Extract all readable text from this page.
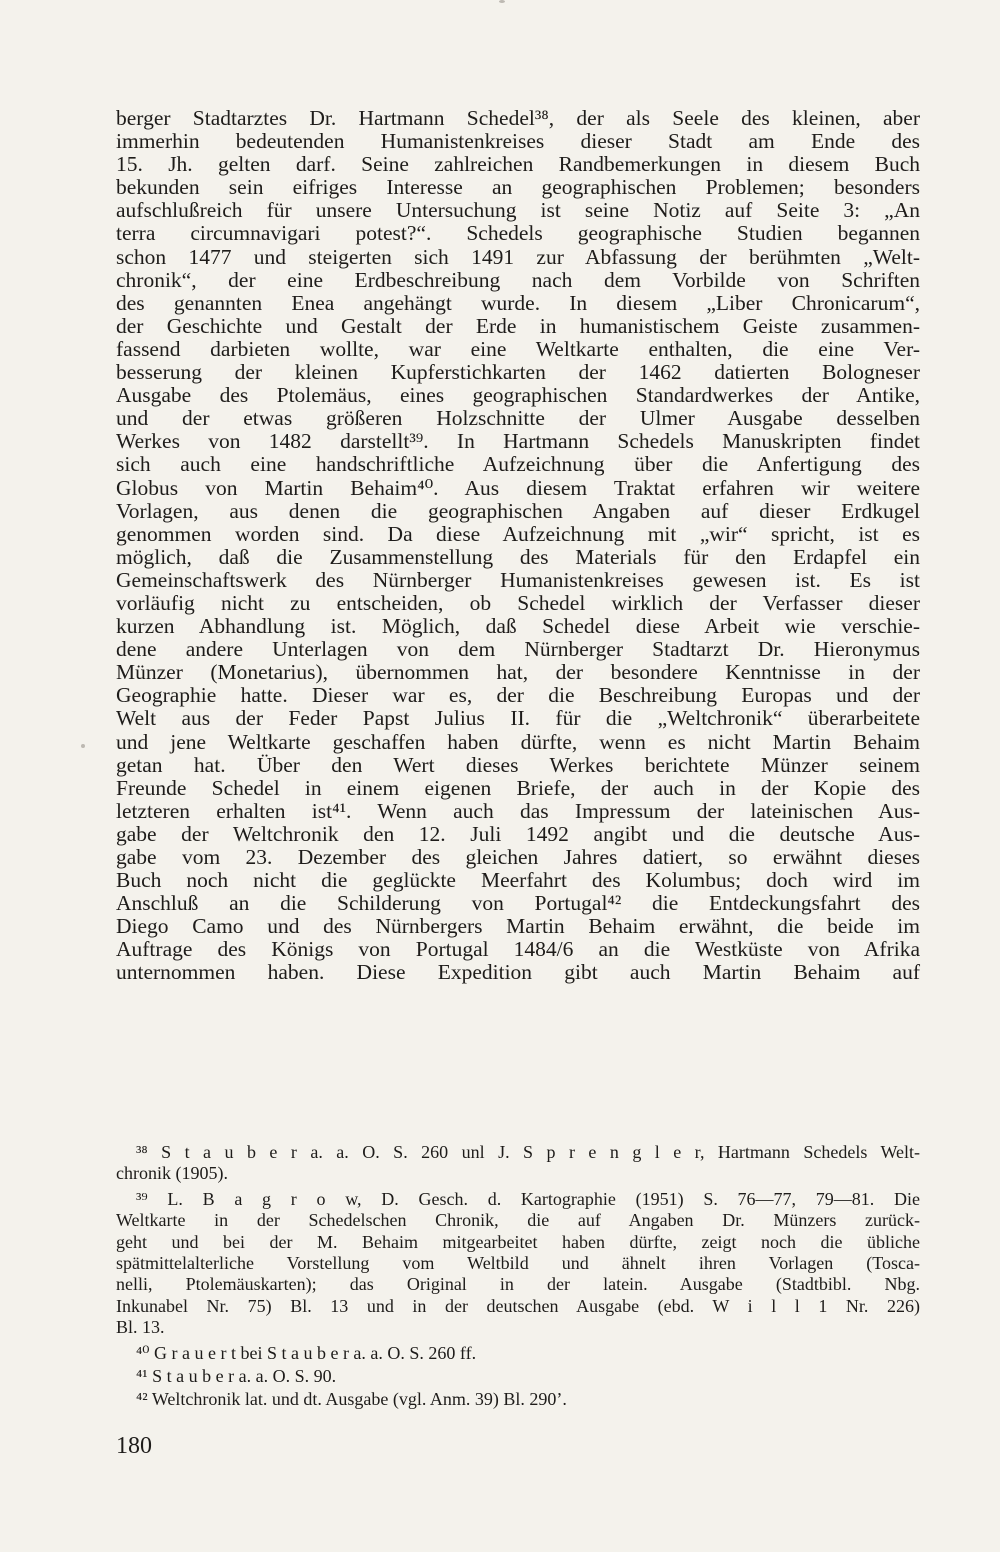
berger Stadtarztes Dr. Hartmann Schedel³⁸, der als Seele des kleinen, aber
immerhin bedeutenden Humanistenkreises dieser Stadt am Ende des
15. Jh. gelten darf. Seine zahlreichen Randbemerkungen in diesem Buch
bekunden sein eifriges Interesse an geographischen Problemen; besonders
aufschlußreich für unsere Untersuchung ist seine Notiz auf Seite 3: „An
terra circumnavigari potest?“. Schedels geographische Studien begannen
schon 1477 und steigerten sich 1491 zur Abfassung der berühmten „Welt-
chronik“, der eine Erdbeschreibung nach dem Vorbilde von Schriften
des genannten Enea angehängt wurde. In diesem „Liber Chronicarum“,
der Geschichte und Gestalt der Erde in humanistischem Geiste zusammen-
fassend darbieten wollte, war eine Weltkarte enthalten, die eine Ver-
besserung der kleinen Kupferstichkarten der 1462 datierten Bologneser
Ausgabe des Ptolemäus, eines geographischen Standardwerkes der Antike,
und der etwas größeren Holzschnitte der Ulmer Ausgabe desselben
Werkes von 1482 darstellt³⁹. In Hartmann Schedels Manuskripten findet
sich auch eine handschriftliche Aufzeichnung über die Anfertigung des
Globus von Martin Behaim⁴⁰. Aus diesem Traktat erfahren wir weitere
Vorlagen, aus denen die geographischen Angaben auf dieser Erdkugel
genommen worden sind. Da diese Aufzeichnung mit „wir“ spricht, ist es
möglich, daß die Zusammenstellung des Materials für den Erdapfel ein
Gemeinschaftswerk des Nürnberger Humanistenkreises gewesen ist. Es ist
vorläufig nicht zu entscheiden, ob Schedel wirklich der Verfasser dieser
kurzen Abhandlung ist. Möglich, daß Schedel diese Arbeit wie verschie-
dene andere Unterlagen von dem Nürnberger Stadtarzt Dr. Hieronymus
Münzer (Monetarius), übernommen hat, der besondere Kenntnisse in der
Geographie hatte. Dieser war es, der die Beschreibung Europas und der
Welt aus der Feder Papst Julius II. für die „Weltchronik“ überarbeitete
und jene Weltkarte geschaffen haben dürfte, wenn es nicht Martin Behaim
getan hat. Über den Wert dieses Werkes berichtete Münzer seinem
Freunde Schedel in einem eigenen Briefe, der auch in der Kopie des
letzteren erhalten ist⁴¹. Wenn auch das Impressum der lateinischen Aus-
gabe der Weltchronik den 12. Juli 1492 angibt und die deutsche Aus-
gabe vom 23. Dezember des gleichen Jahres datiert, so erwähnt dieses
Buch noch nicht die geglückte Meerfahrt des Kolumbus; doch wird im
Anschluß an die Schilderung von Portugal⁴² die Entdeckungsfahrt des
Diego Camo und des Nürnbergers Martin Behaim erwähnt, die beide im
Auftrage des Königs von Portugal 1484/6 an die Westküste von Afrika
unternommen haben. Diese Expedition gibt auch Martin Behaim auf
³⁸ S t a u b e r a. a. O. S. 260 unl J. S p r e n g l e r, Hartmann Schedels Welt-
chronik (1905).
³⁹ L. B a g r o w, D. Gesch. d. Kartographie (1951) S. 76—77, 79—81. Die
Weltkarte in der Schedelschen Chronik, die auf Angaben Dr. Münzers zurück-
geht und bei der M. Behaim mitgearbeitet haben dürfte, zeigt noch die übliche
spätmittelalterliche Vorstellung vom Weltbild und ähnelt ihren Vorlagen (Tosca-
nelli, Ptolemäuskarten); das Original in der latein. Ausgabe (Stadtbibl. Nbg.
Inkunabel Nr. 75) Bl. 13 und in der deutschen Ausgabe (ebd. W i l l 1 Nr. 226)
Bl. 13.
⁴⁰ G r a u e r t bei S t a u b e r a. a. O. S. 260 ff.
⁴¹ S t a u b e r a. a. O. S. 90.
⁴² Weltchronik lat. und dt. Ausgabe (vgl. Anm. 39) Bl. 290’.
180
